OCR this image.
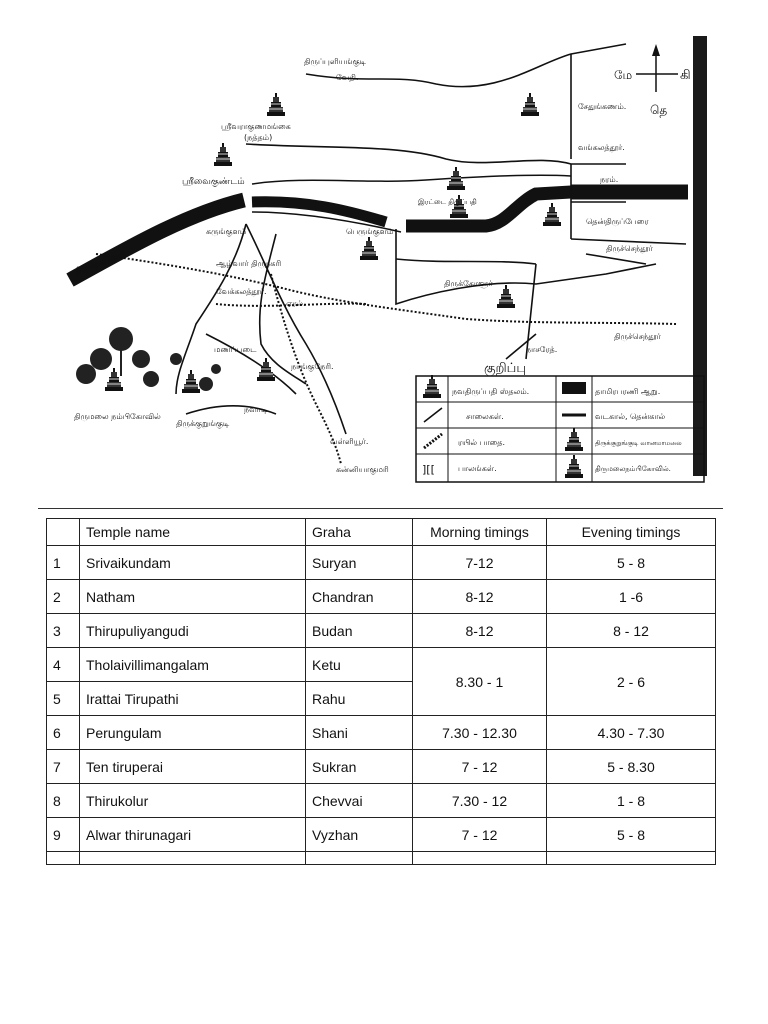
மே	கி
தெ
திருப்புளியங்குடி
வேதி.
ஸ்ரீவராகுணமங்கை
(நத்தம்)
ஸ்ரீவைகுண்டம்
சேதுங்கணம்.
வங்கலத்தூர்.
நரம்.
இரட்டை திருப்பதி
தென்திருப்பேரை
திருச்செந்தூர்
திருநெல்வேலி
கருங்குளம்	பெருங்குளம்
ஆழ்வார் திருநகரி
திருக்கோளூர்
வேக்கலத்தூர்.
ஏரல்.
நாசரேத்.
திருச்செந்தூர்
நாங்குநேரி.
திருக்குறுங்குடி
திருமலை நம்பிகோவில்
வள்ளியூர்.
கன்னியாகுமரி
மணப்படை
நவாடி
குறிப்பு
][[
நவதிருப்பதி ஸ்தலம்.	தாமிரபரணி ஆறு.
சாலைகள்.	வடகால், தென்கால்
ரயில் பாதை.	திருக்குறுங்குடி வானமாமலை
பாலங்கள்.	திருமலைநம்பிகோவில்.
	Temple name	Graha	Morning timings	Evening timings
1	Srivaikundam	Suryan	7-12	5 - 8
2	Natham	Chandran	8-12	1 -6
3	Thirupuliyangudi	Budan	8-12	8 - 12
4	Tholaivillimangalam	Ketu	8.30 - 1	2 - 6
5	Irattai Tirupathi	Rahu		
6	Perungulam	Shani	7.30 - 12.30	4.30 - 7.30
7	Ten tiruperai	Sukran	7 - 12	5 - 8.30
8	Thirukolur	Chevvai	7.30 - 12	1 - 8
9	Alwar thirunagari	Vyzhan	7 - 12	5 - 8
